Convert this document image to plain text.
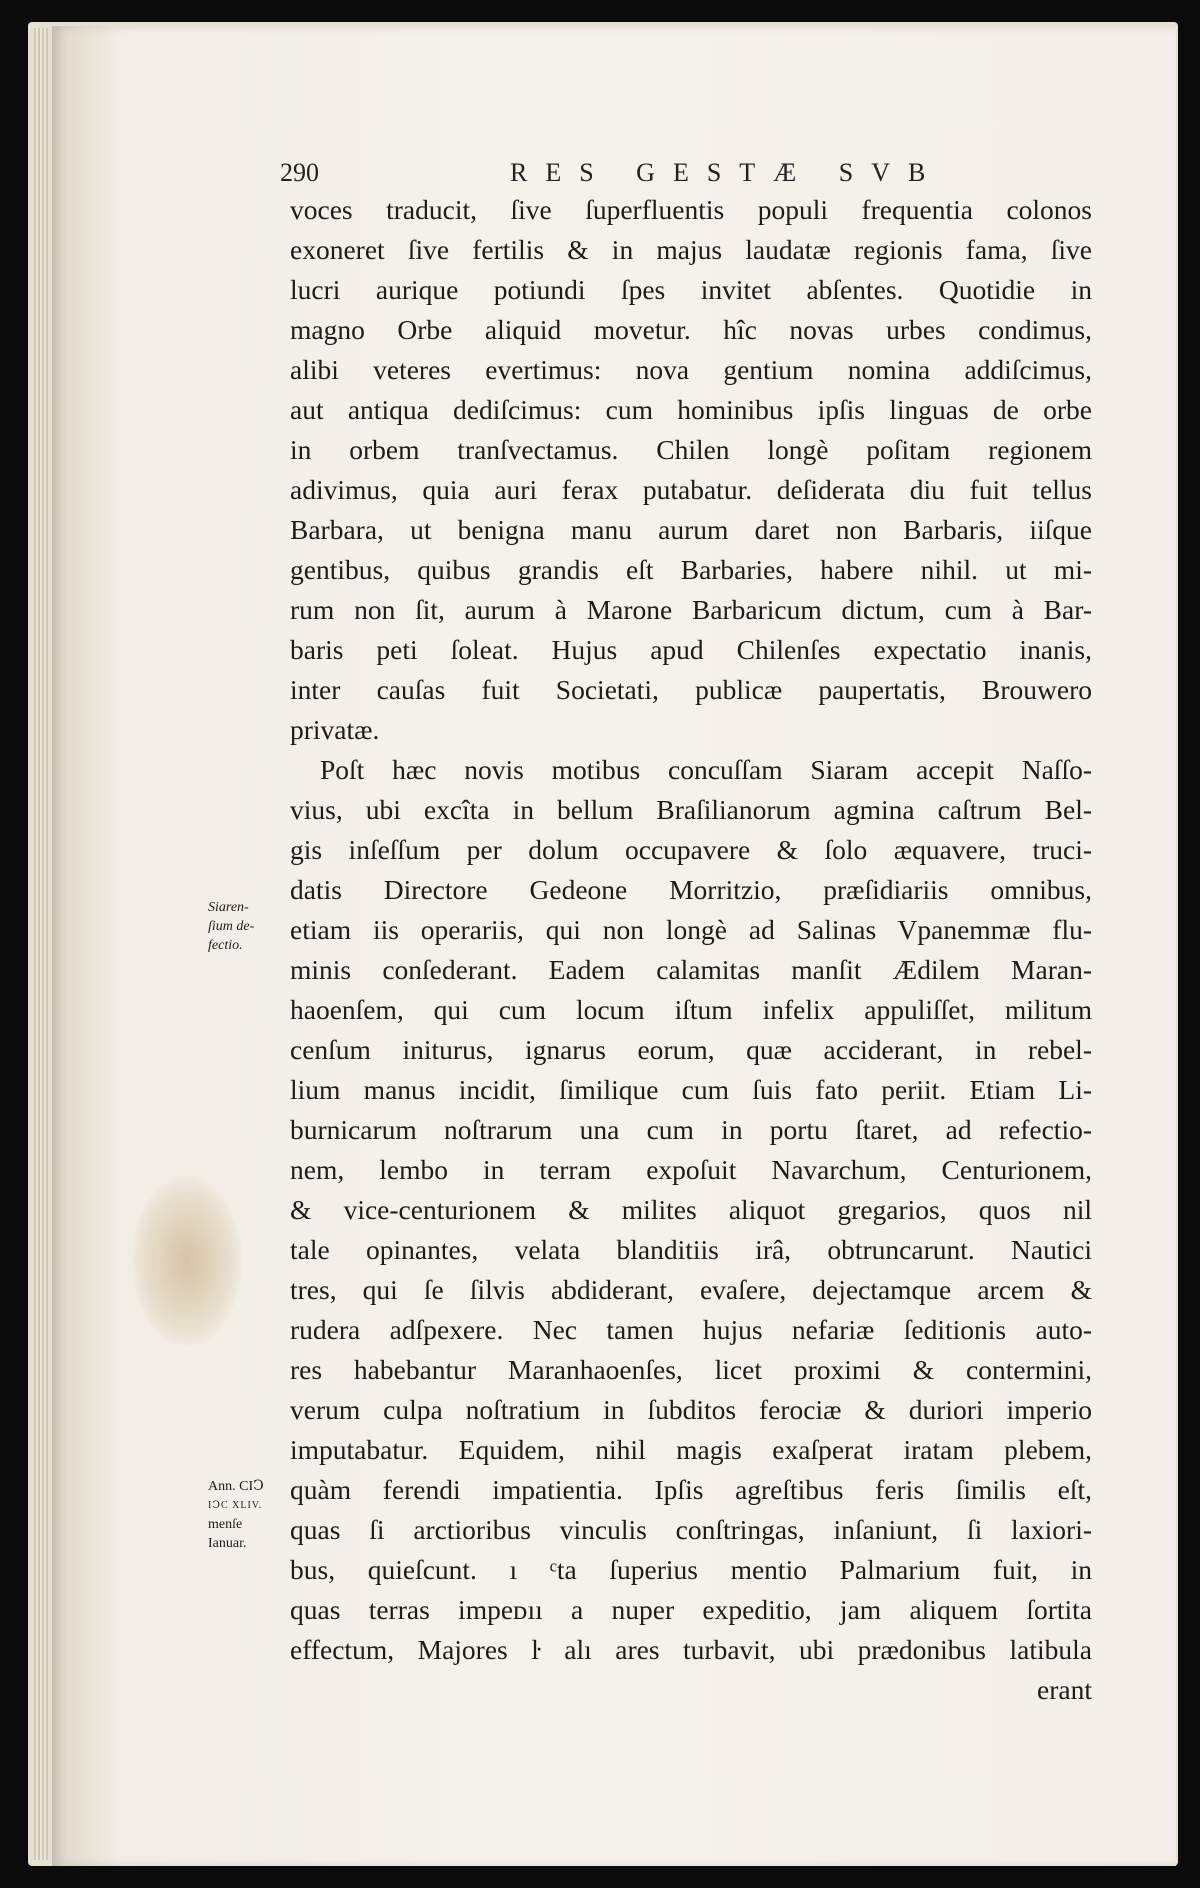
290	RES GESTÆ SVB
Siaren-
ſium de-
fectio.
Ann. CIↃ
IↃC XLIV.
menſe
Ianuar.
voces traducit, ſive ſuperfluentis populi frequentia colonos
exoneret ſive fertilis & in majus laudatæ regionis fama, ſive
lucri aurique potiundi ſpes invitet abſentes. Quotidie in
magno Orbe aliquid movetur. hîc novas urbes condimus,
alibi veteres evertimus: nova gentium nomina addiſcimus,
aut antiqua dediſcimus: cum hominibus ipſis linguas de orbe
in orbem tranſvectamus. Chilen longè poſitam regionem
adivimus, quia auri ferax putabatur. deſiderata diu fuit tellus
Barbara, ut benigna manu aurum daret non Barbaris, iiſque
gentibus, quibus grandis eſt Barbaries, habere nihil. ut mi-
rum non ſit, aurum à Marone Barbaricum dictum, cum à Bar-
baris peti ſoleat. Hujus apud Chilenſes expectatio inanis,
inter cauſas fuit Societati, publicæ paupertatis, Brouwero
privatæ.
Poſt hæc novis motibus concuſſam Siaram accepit Naſſo-
vius, ubi excîta in bellum Braſilianorum agmina caſtrum Bel-
gis inſeſſum per dolum occupavere & ſolo æquavere, truci-
datis Directore Gedeone Morritzio, præſidiariis omnibus,
etiam iis operariis, qui non longè ad Salinas Vpanemmæ flu-
minis conſederant. Eadem calamitas manſit Ædilem Maran-
haoenſem, qui cum locum iſtum infelix appuliſſet, militum
cenſum initurus, ignarus eorum, quæ acciderant, in rebel-
lium manus incidit, ſimilique cum ſuis fato periit. Etiam Li-
burnicarum noſtrarum una cum in portu ſtaret, ad refectio-
nem, lembo in terram expoſuit Navarchum, Centurionem,
& vice-centurionem & milites aliquot gregarios, quos nil
tale opinantes, velata blanditiis irâ, obtruncarunt. Nautici
tres, qui ſe ſilvis abdiderant, evaſere, dejectamque arcem &
rudera adſpexere. Nec tamen hujus nefariæ ſeditionis auto-
res habebantur Maranhaoenſes, licet proximi & contermini,
verum culpa noſtratium in ſubditos ferociæ & duriori imperio
imputabatur. Equidem, nihil magis exaſperat iratam plebem,
quàm ferendi impatientia. Ipſis agreſtibus feris ſimilis eſt,
quas ſi arctioribus vinculis conſtringas, inſaniunt, ſi laxiori-
bus, quieſcunt. ı ᶜta ſuperius mentio Palmarium fuit, in
quas terras impeᴅıı a nuper expeditio, jam aliquem ſortita
effectum, Majores ŀ alı ares turbavit, ubi prædonibus latibula
erant
